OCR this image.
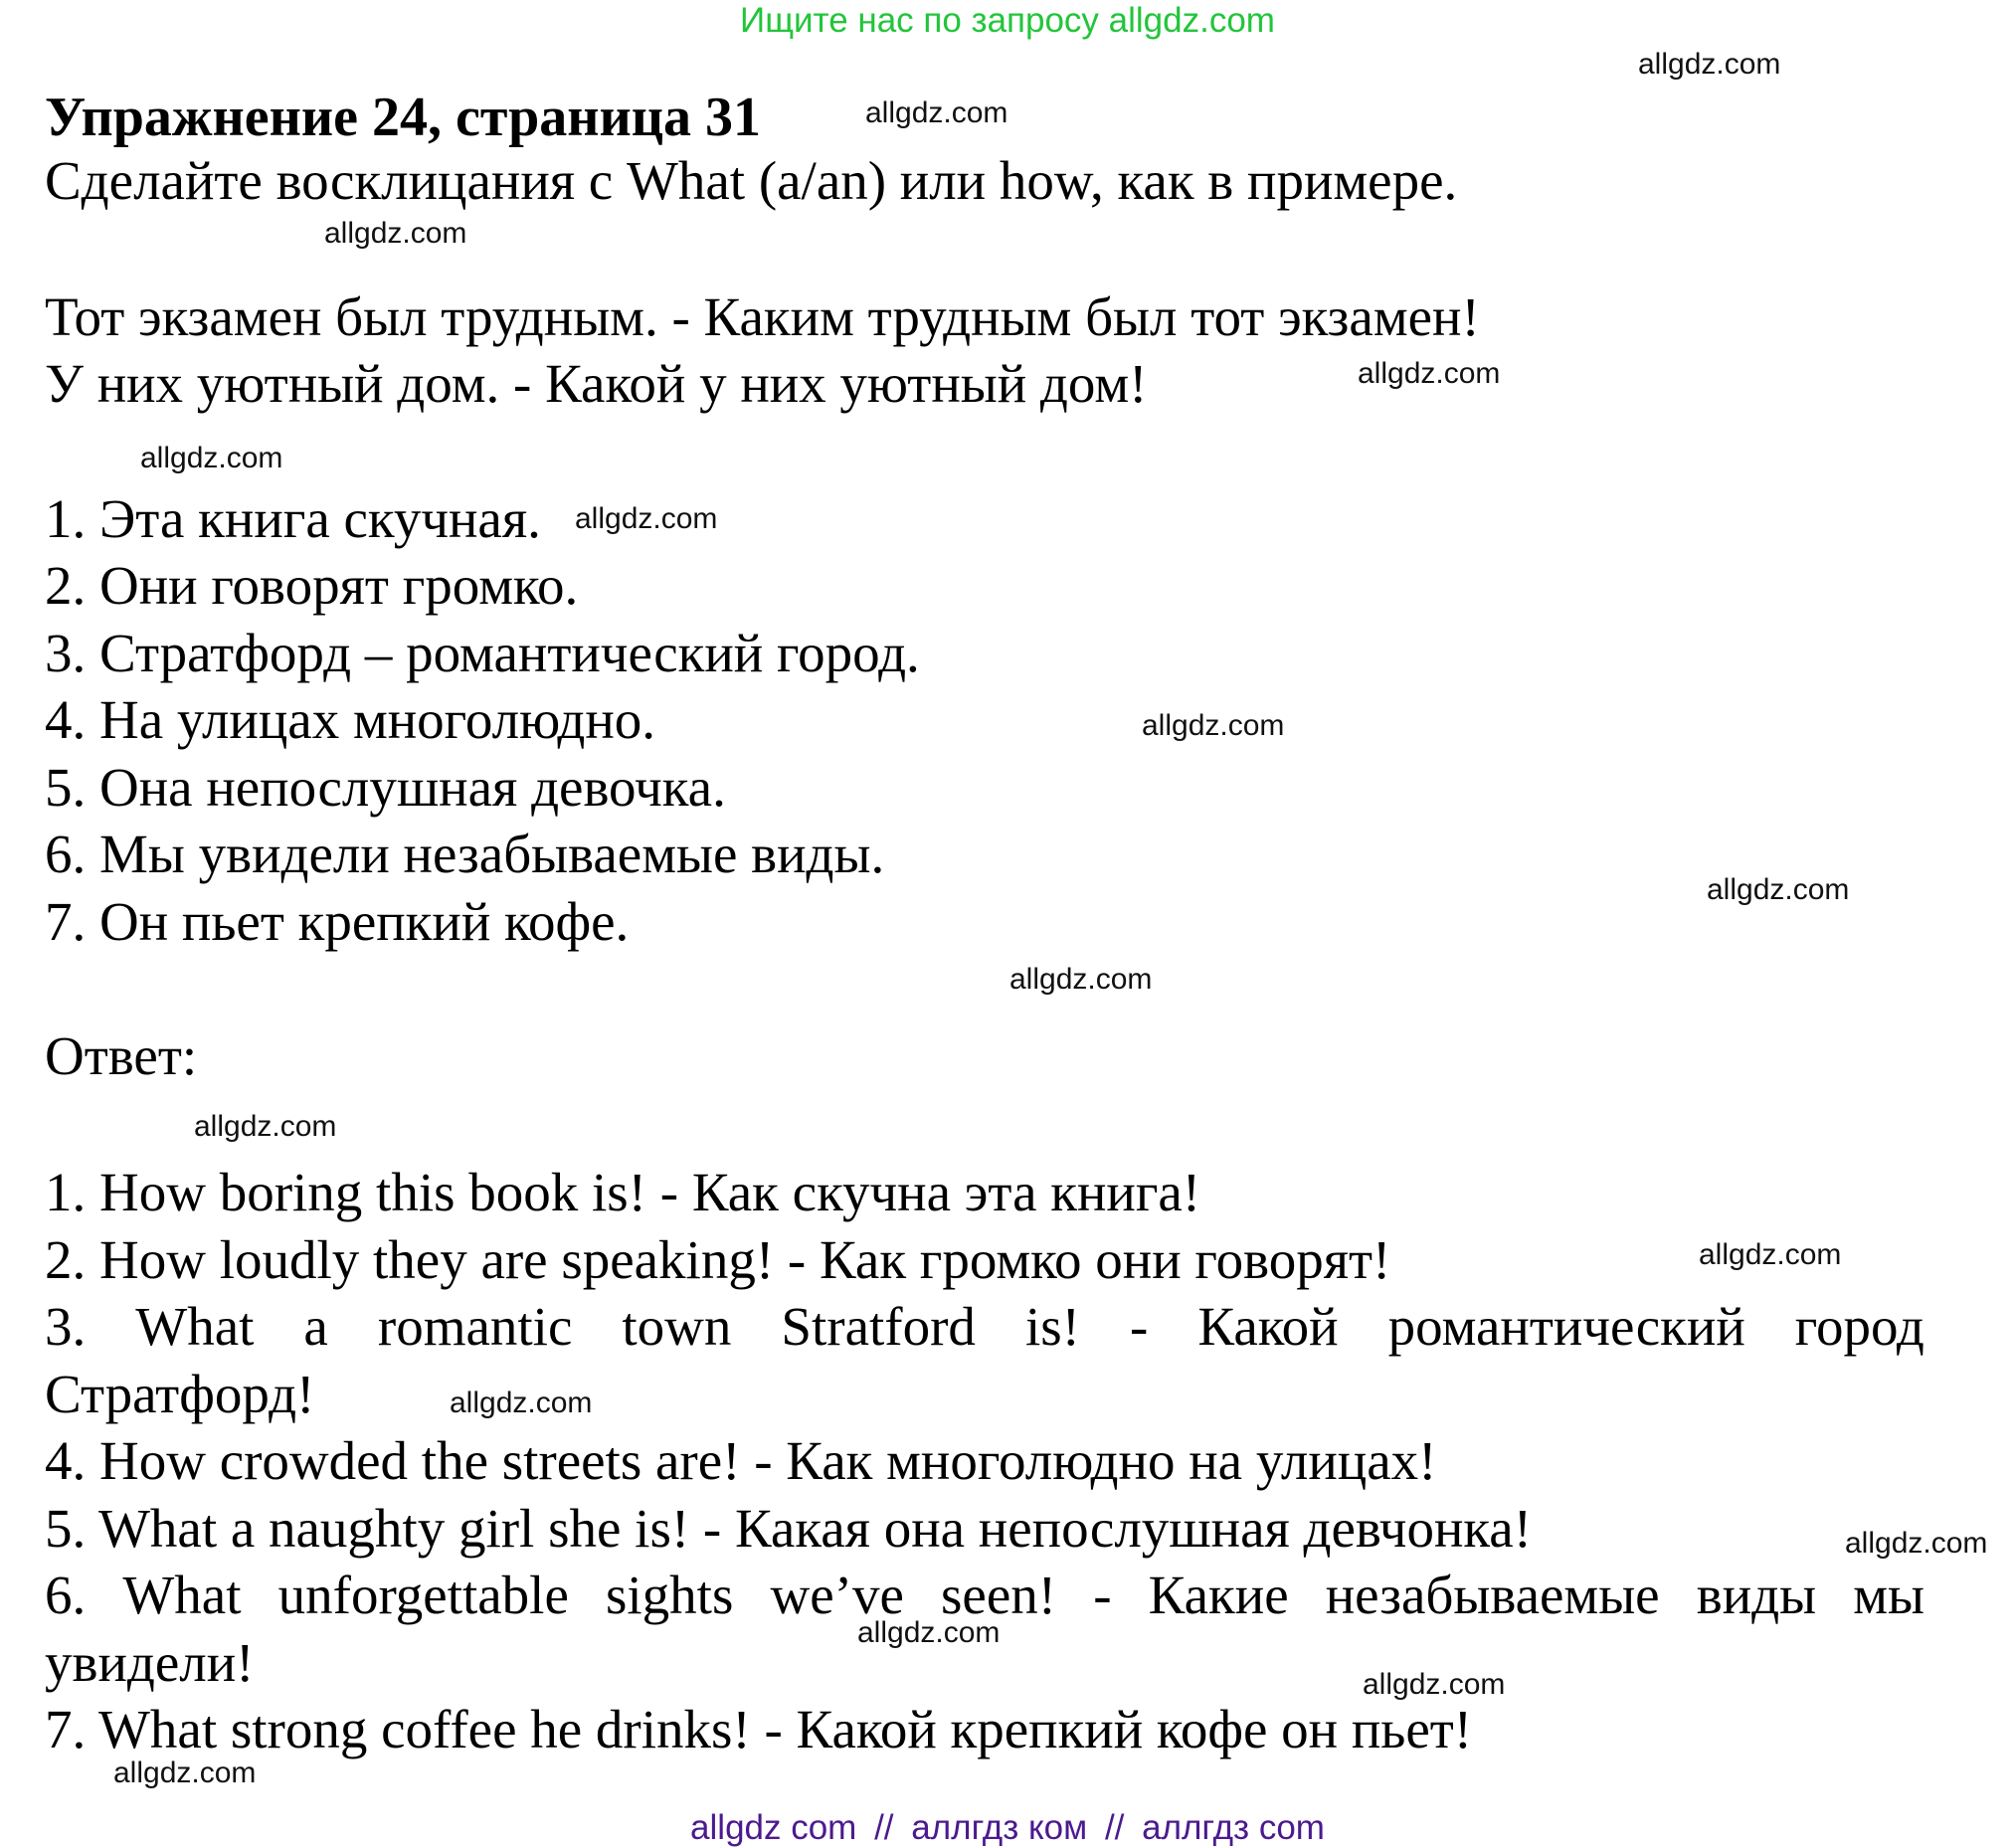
Ищите нас по запросу allgdz.com
Упражнение 24, страница 31
Сделайте восклицания с What (a/an) или how, как в примере.
Тот экзамен был трудным. - Каким трудным был тот экзамен!
У них уютный дом. - Какой у них уютный дом!
1. Эта книга скучная.
2. Они говорят громко.
3. Стратфорд – романтический город.
4. На улицах многолюдно.
5. Она непослушная девочка.
6. Мы увидели незабываемые виды.
7. Он пьет крепкий кофе.
Ответ:
1. How boring this book is! - Как скучна эта книга!
2. How loudly they are speaking! - Как громко они говорят!
3. What a romantic town Stratford is! - Какой романтический город
Стратфорд!
4. How crowded the streets are! - Как многолюдно на улицах!
5. What a naughty girl she is! - Какая она непослушная девчонка!
6. What unforgettable sights we’ve seen! - Какие незабываемые виды мы
увидели!
7. What strong coffee he drinks! - Какой крепкий кофе он пьет!
allgdz.com
allgdz.com
allgdz.com
allgdz.com
allgdz.com
allgdz.com
allgdz.com
allgdz.com
allgdz.com
allgdz.com
allgdz.com
allgdz.com
allgdz.com
allgdz.com
allgdz.com
allgdz.com
allgdz com // аллгдз ком // аллгдз com
